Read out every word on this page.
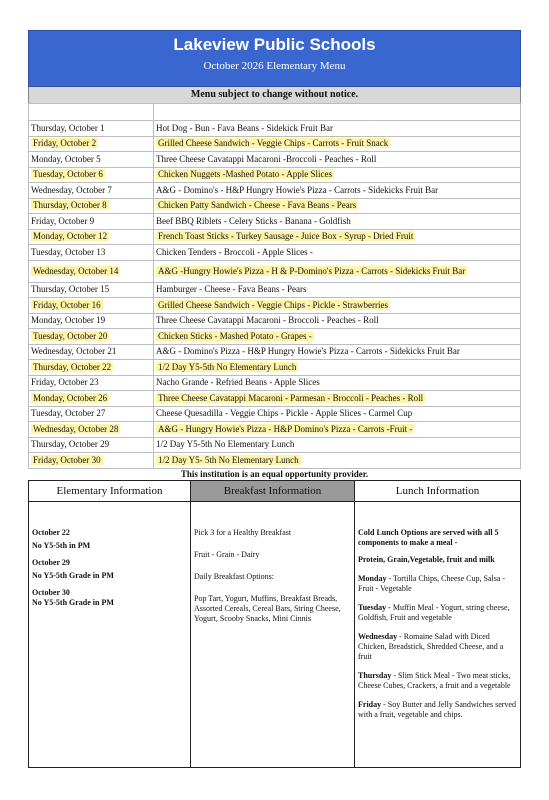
Lakeview Public Schools
October 2026 Elementary Menu
Menu subject to change without notice.

Thursday, October 1	Hot Dog - Bun - Fava Beans - Sidekick Fruit Bar
Friday, October 2	Grilled Cheese Sandwich - Veggie Chips - Carrots - Fruit Snack
Monday, October 5	Three Cheese Cavatappi Macaroni -Broccoli - Peaches - Roll
Tuesday, October 6	Chicken Nuggets -Mashed Potato - Apple Slices
Wednesday, October 7	A&G - Domino's - H&P Hungry Howie's Pizza - Carrots - Sidekicks Fruit Bar
Thursday, October 8	Chicken Patty Sandwich - Cheese - Fava Beans - Pears
Friday, October 9	Beef BBQ Riblets - Celery Sticks - Banana - Goldfish
Monday, October 12	French Toast Sticks - Turkey Sausage - Juice Box - Syrup - Dried Fruit
Tuesday, October 13	Chicken Tenders - Broccoli - Apple Slices -
Wednesday, October 14	A&G -Hungry Howie's Pizza - H & P-Domino's Pizza - Carrots - Sidekicks Fruit Bar
Thursday, October 15	Hamburger - Cheese - Fava Beans - Pears
Friday, October 16	Grilled Cheese Sandwich - Veggie Chips - Pickle - Strawberries
Monday, October 19	Three Cheese Cavatappi Macaroni - Broccoli - Peaches - Roll
Tuesday, October 20	Chicken Sticks - Mashed Potato - Grapes -
Wednesday, October 21	A&G - Domino's Pizza - H&P Hungry Howie's Pizza - Carrots - Sidekicks Fruit Bar
Thursday, October 22	1/2 Day Y5-5th No Elementary Lunch
Friday, October 23	Nacho Grande - Refried Beans - Apple Slices
Monday, October 26	Three Cheese Cavatappi Macaroni - Parmesan - Broccoli - Peaches - Roll
Tuesday, October 27	Cheese Quesadilla - Veggie Chips - Pickle - Apple Slices - Carmel Cup
Wednesday, October 28	A&G - Hungry Howie's Pizza - H&P Domino's Pizza - Carrots -Fruit -
Thursday, October 29	1/2 Day Y5-5th No Elementary Lunch
Friday, October 30	1/2 Day Y5- 5th No Elementary Lunch
This institution is an equal opportunity provider.
Elementary Information
October 22
No Y5-5th in PM
October 29
No Y5-5th Grade in PM
October 30
No Y5-5th Grade in PM
Breakfast Information

Pick 3 for a Healthy Breakfast

Fruit - Grain - Dairy

Daily Breakfast Options:

Pop Tart, Yogurt, Muffins, Breakfast Breads, Assorted Cereals, Cereal Bars, String Cheese, Yogurt, Scooby Snacks, Mini Cinnis

Lunch Information

Cold Lunch Options are served with all 5 components to make a meal -

Protein, Grain,Vegetable, fruit and milk

Monday - Tortilla Chips, Cheese Cup, Salsa - Fruit - Vegetable

Tuesday - Muffin Meal - Yogurt, string cheese, Goldfish, Fruit and vegetable

Wednesday - Romaine Salad with Diced Chicken, Breadstick, Shredded Cheese, and a fruit

Thursday - Slim Stick Meal - Two meat sticks, Cheese Cubes, Crackers, a fruit and a vegetable

Friday - Soy Butter and Jelly Sandwiches served with a fruit, vegetable and chips.
